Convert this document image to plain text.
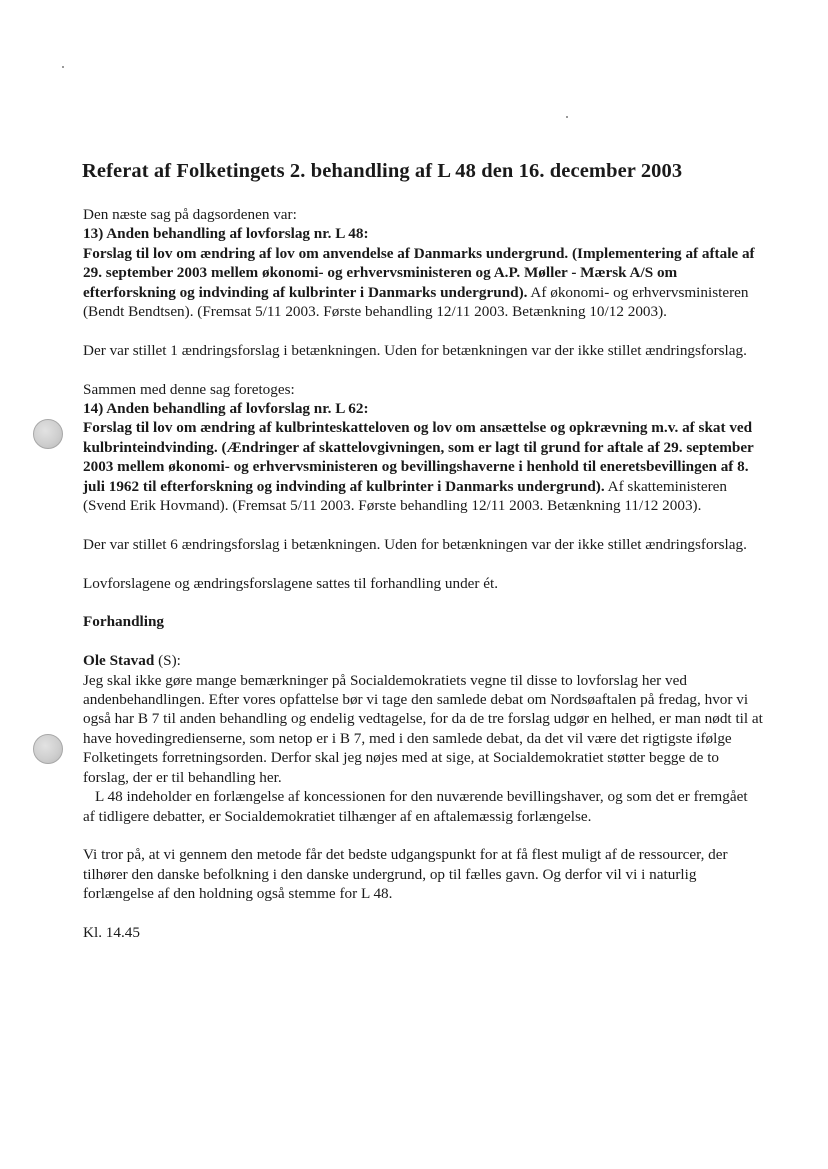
Referat af Folketingets 2. behandling af L 48 den 16. december 2003

Den næste sag på dagsordenen var:

13) Anden behandling af lovforslag nr. L 48:

Forslag til lov om ændring af lov om anvendelse af Danmarks undergrund. (Implementering af aftale af 29. september 2003 mellem økonomi- og erhvervsministeren og A.P. Møller - Mærsk A/S om efterforskning og indvinding af kulbrinter i Danmarks undergrund). Af økonomi- og erhvervsministeren (Bendt Bendtsen). (Fremsat 5/11 2003. Første behandling 12/11 2003. Betænkning 10/12 2003).

Der var stillet 1 ændringsforslag i betænkningen. Uden for betænkningen var der ikke stillet ændringsforslag.

Sammen med denne sag foretoges:

14) Anden behandling af lovforslag nr. L 62:

Forslag til lov om ændring af kulbrinteskatteloven og lov om ansættelse og opkrævning m.v. af skat ved kulbrinteindvinding. (Ændringer af skattelovgivningen, som er lagt til grund for aftale af 29. september 2003 mellem økonomi- og erhvervsministeren og bevillingshaverne i henhold til eneretsbevillingen af 8. juli 1962 til efterforskning og indvinding af kulbrinter i Danmarks undergrund). Af skatteministeren (Svend Erik Hovmand). (Fremsat 5/11 2003. Første behandling 12/11 2003. Betænkning 11/12 2003).

Der var stillet 6 ændringsforslag i betænkningen. Uden for betænkningen var der ikke stillet ændringsforslag.

Lovforslagene og ændringsforslagene sattes til forhandling under ét.

Forhandling

Ole Stavad (S):

Jeg skal ikke gøre mange bemærkninger på Socialdemokratiets vegne til disse to lovforslag her ved andenbehandlingen. Efter vores opfattelse bør vi tage den samlede debat om Nordsøaftalen på fredag, hvor vi også har B 7 til anden behandling og endelig vedtagelse, for da de tre forslag udgør en helhed, er man nødt til at have hovedingredienserne, som netop er i B 7, med i den samlede debat, da det vil være det rigtigste ifølge Folketingets forretningsorden. Derfor skal jeg nøjes med at sige, at Socialdemokratiet støtter begge de to forslag, der er til behandling her.

L 48 indeholder en forlængelse af koncessionen for den nuværende bevillingshaver, og som det er fremgået af tidligere debatter, er Socialdemokratiet tilhænger af en aftalemæssig forlængelse.

Vi tror på, at vi gennem den metode får det bedste udgangspunkt for at få flest muligt af de ressourcer, der tilhører den danske befolkning i den danske undergrund, op til fælles gavn. Og derfor vil vi i naturlig forlængelse af den holdning også stemme for L 48.

Kl. 14.45
